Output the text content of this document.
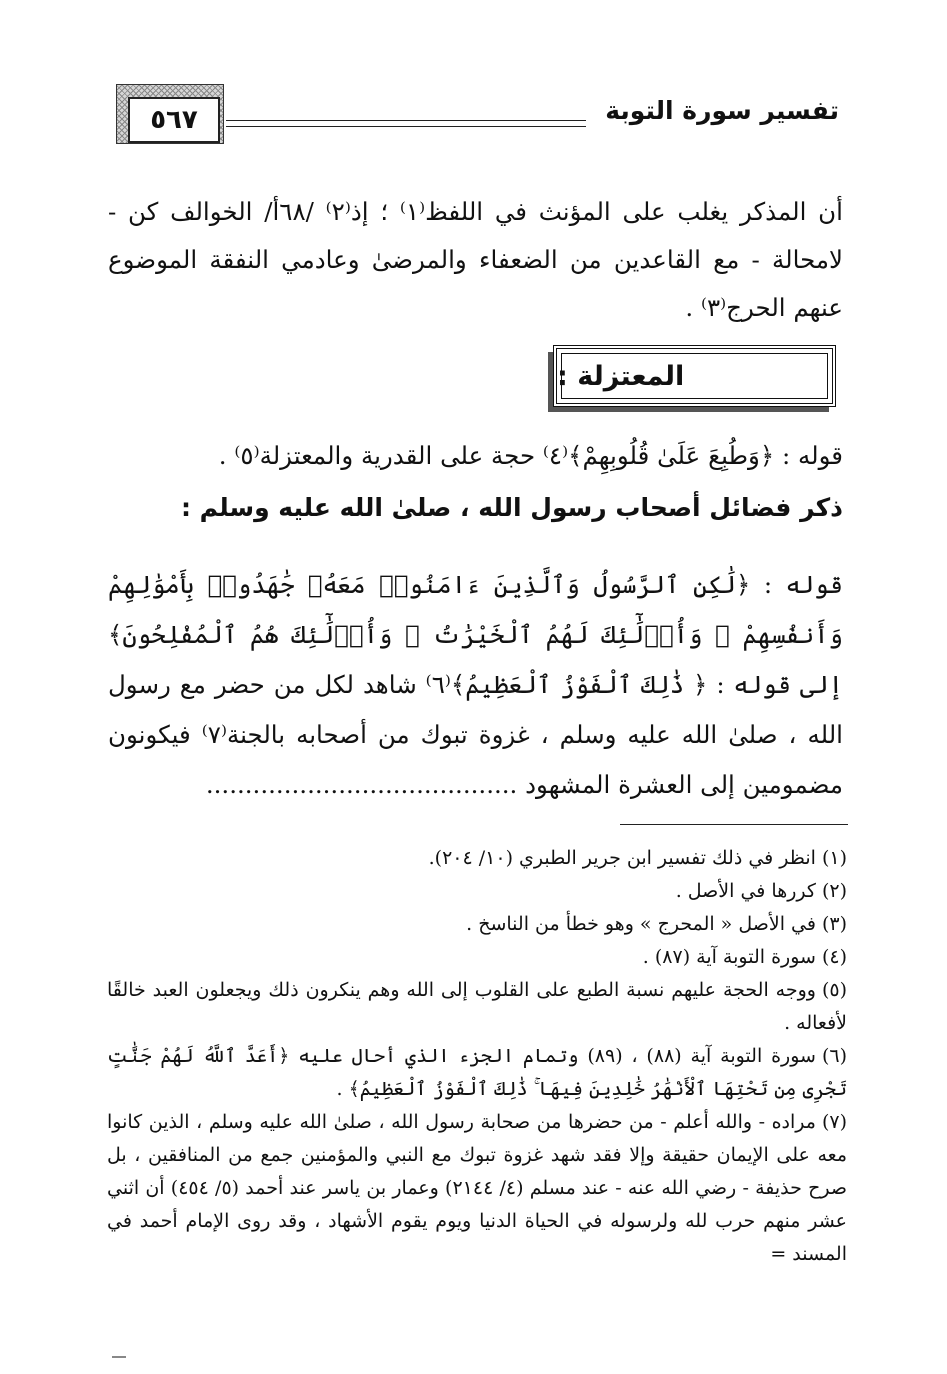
٥٦٧	تفسير سورة التوبة
أن المذكر يغلب على المؤنث في اللفظ⁽١⁾ ؛ إذ⁽٢⁾ /٦٨أ/ الخوالف كن - لامحالة - مع القاعدين من الضعفاء والمرضىٰ وعادمي النفقة الموضوع عنهم الحرج⁽٣⁾ .
المعتزلة :
قوله : ﴿وَطُبِعَ عَلَىٰ قُلُوبِهِمْ﴾⁽٤⁾ حجة على القدرية والمعتزلة⁽٥⁾ .
ذكر فضائل أصحاب رسول الله ، صلىٰ الله عليه وسلم :
قوله : ﴿لَٰكِنِ ٱلرَّسُولُ وَٱلَّذِينَ ءَامَنُوا۟ مَعَهُۥ جَٰهَدُوا۟ بِأَمْوَٰلِهِمْ وَأَنفُسِهِمْ ۚ وَأُو۟لَٰٓئِكَ لَهُمُ ٱلْخَيْرَٰتُ ۖ وَأُو۟لَٰٓئِكَ هُمُ ٱلْمُفْلِحُونَ﴾ إلى قوله : ﴿ ذَٰلِكَ ٱلْفَوْزُ ٱلْعَظِيمُ﴾⁽٦⁾ شاهد لكل من حضر مع رسول الله ، صلىٰ الله عليه وسلم ، غزوة تبوك من أصحابه بالجنة⁽٧⁾ فيكونون مضمومين إلى العشرة المشهود ........................................

(١)انظر في ذلك تفسير ابن جرير الطبري (١٠/ ٢٠٤).

(٢)كررها في الأصل .

(٣)في الأصل « المحرج » وهو خطأ من الناسخ .

(٤)سورة التوبة آية (٨٧) .

(٥)ووجه الحجة عليهم نسبة الطبع على القلوب إلى الله وهم ينكرون ذلك ويجعلون العبد خالقًا لأفعاله .

(٦)سورة التوبة آية (٨٨) ، (٨٩) وتمام الجزء الذي أحال عليه ﴿أَعَدَّ ٱللَّهُ لَهُمْ جَنَّٰتٍ تَجْرِى مِن تَحْتِهَا ٱلْأَنْهَٰرُ خَٰلِدِينَ فِيهَا ۚ ذَٰلِكَ ٱلْفَوْزُ ٱلْعَظِيمُ﴾ .

(٧)مراده - والله أعلم - من حضرها من صحابة رسول الله ، صلىٰ الله عليه وسلم ، الذين كانوا معه على الإيمان حقيقة وإلا فقد شهد غزوة تبوك مع النبي والمؤمنين جمع من المنافقين ، بل صرح حذيفة - رضي الله عنه - عند مسلم (٤/ ٢١٤٤) وعمار بن ياسر عند أحمد (٥/ ٤٥٤) أن اثني عشر منهم حرب لله ولرسوله في الحياة الدنيا ويوم يقوم الأشهاد ، وقد روى الإمام أحمد في المسند =
